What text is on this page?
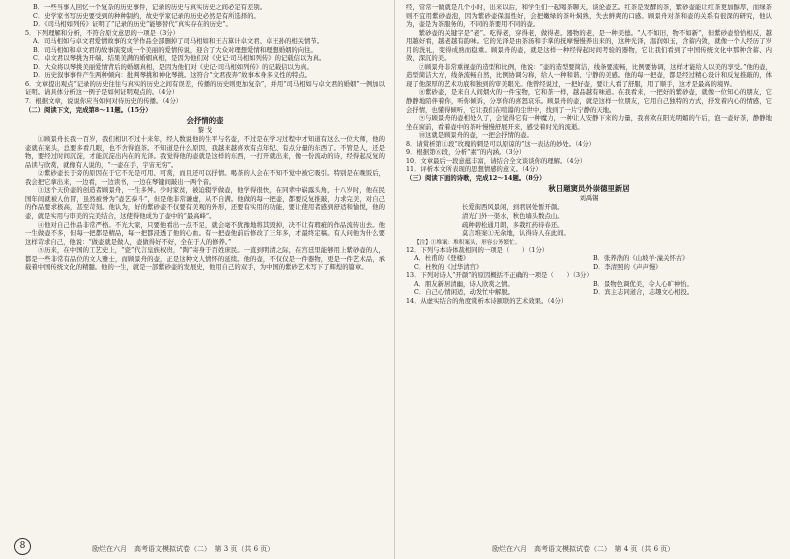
B．一些当事人回忆一个复杂的历史事件，记录的历史与真实历史之间必定有差别。
C．史学家书写历史要受到的种种制约，故史学家记录的历史必然是有所选择的。
D．《司马相如列传》证明了“记录的历史”能够替代“真实存在的历史”。
5．下列理解和分析，不符合原文意思的一项是（3分）
A．司马相如与卓文君爱情故事的文学作品全部删掉了司马相如和王吉算计卓文君、卓王孙的相关情节。
B．司马相如和卓文君的故事演变成一个美丽的爱情传说，迎合了大众对理想爱情和理想婚姻的向往。
C．卓文君以琴挑为开端、结果美满的婚姻真相，是因为他们对《史记·司马相如列传》的记载信以为真。
D．大众将以琴挑美丽爱情背后的婚姻真相，是因为他们对《史记·司马相如列传》的记载信以为真。
D．历史叙事事件产生两种倾向：批判琴挑和神化琴挑。这符合“文君夜奔”故事本身多义性的特点。
6．文章提出观点“记录的历史往往与真实的历史之间有误差，传播的历史则更加复杂”，并用“司马相如与卓文君的婚姻”一例加以证明。请具体分析这一例子是如何证明观点的。（4分）
7．根据文章，说说你应当如何对待历史的传播。（4分）
（二）阅读下文，完成第8～11题。（15分）
会抒情的壶
黎 戈
①顾景舟长我一百岁，我们相识不过十来年，经人数说他的生平与名壶，不过是在学习过程中才知道有这么一位大师，他的壶就在案头，总要多看几眼，也不舍得泡茶。不知道是什么原因，我越来越喜欢有点年纪、有点分量的东西了。不管是人，还是物，要经过时间沉淀，才能沉淀出内在的光泽。我觉得他的壶就是这样的东西，一打开就出来，像一份流动的诗，经得起反复的品读与欣赏，就像有人说的，“一壶在手，宇宙无穷”。
②紫砂壶长于旁的原因在于它不光是可用、可赏，而且还可以抒情。喝茶的人会在不知不觉中被它吸引。特别是在晚饭后，我会把它拿出来，一边看，一边读书，一边在琴键间敲出一两个音。
③这个天价壶的创造者顾景舟，一生多舛。少时家贫，被迫辍学做壶，他学得很快，在同辈中崭露头角，十八岁时，他在民国年间就被人仿冒，虽然被誉为“壶艺泰斗”，但是他非常谦虚，从不自满。他做的每一把壶，都要反复推敲，力求完美，对自己的作品要求极高，甚至苛刻。他认为，好的紫砂壶不仅要有美观的外形，还要有实用的功能，要让使用者感到舒适和愉悦，他的壶，就是实用与审美的完美结合，这使得他成为了壶中的“最高峰”。
④他对自己作品非常严格。不光大家，只要他看出一点不足，就会毫不犹豫地将其毁掉，决不让有瑕疵的作品流传出去。他一生做壶不多，但每一把都是精品，每一把都浸透了他的心血。有一把壶他前后修改了三年多，才最终定稿。有人问他为什么要这样苛求自己，他说：“做壶就是做人，壶做得好不好，全在于人的修养。”
⑤历来，在中国的工艺史上，“瓷”代言皇族权贵，“陶”寄身于百姓庶民。一直到明清之际，在宫廷里能够用上紫砂壶的人，都是一些非常有品位的文人雅士，而顾景舟的壶，正是这种文人情怀的延续。他的壶，不仅仅是一件器物，更是一件艺术品，承载着中国传统文化的精髓。他的一生，就是一部紫砂壶的发展史，他用自己的双手，为中国的紫砂艺术写下了辉煌的篇章。
经，常常一做就是几个小时，出来以后，和学生们一起喝茶聊天，谈论壶艺。红茶是发酵的茶，紫砂壶能让红茶更加醇厚，而绿茶则不宜用紫砂壶泡，因为紫砂壶保温性好，会把嫩绿的茶叶焖熟，失去鲜爽的口感。顾景舟对茶和壶的关系有很深的研究，他认为，壶是为茶服务的，不同的茶要用不同的壶。
紫砂壶的关键字是“老”。吃得老，穿得老，做得老。器物的老，是一种美德。“人不如旧，物不如新”，但紫砂壶恰恰相反，越用越好看，越老越有韵味。它的光泽是由茶汤和手掌的抚摩慢慢养出来的，这种光泽，温润如玉，含蓄内敛，就像一个人经历了岁月的洗礼，变得成熟而稳重。顾景舟的壶，就是这样一种经得起时间考验的器物，它让我们看到了中国传统文化中那种含蓄、内敛、深沉的美。
⑦顾景舟非常重视壶的造型和比例，他说：“壶的造型要简洁，线条要流畅，比例要协调，这样才能给人以美的享受。”他的壶，造型简洁大方，线条流畅自然，比例协调匀称，给人一种和谐、宁静的美感。他的每一把壶，都是经过精心设计和反复推敲的，体现了他深厚的艺术功底和独到的审美眼光。他曾经说过，一把好壶，要让人看了舒服，用了顺手，这才是最高的境界。
⑧紫砂壶，是来自人间烟火的一件宝物，它和茶一样，越品越有味道。在我看来，一把好的紫砂壶，就像一位知心的朋友，它静静地陪伴着你，听你倾诉，分享你的喜怒哀乐。顾景舟的壶，就是这样一位朋友，它用自己独特的方式，抒发着内心的情感，它会抒情，也懂得倾听，它让我们在喧嚣的尘世中，找到了一片宁静的天地。
⑨与顾景舟的壶相处久了，会觉得它有一种魔力，一种让人安静下来的力量，我喜欢在阳光明媚的午后，泡一壶好茶，静静地坐在窗前，看着壶中的茶叶慢慢舒展开来，感受着时光的流逝。
⑩这就是顾景舟的壶，一把会抒情的壶。
8．请赏析第①段“玫瑰的刺是可以原谅的”这一表达的妙处。（4分）
9．根据第⑥段，分析“素”的内涵。（3分）
10．文章最后一段意蕴丰富，请结合全文谈谈你的理解。（4分）
11．评析本文所表现的思想情感的意义。（4分）
（三）阅读下面的诗歌，完成12～14题。（8分）
秋日题窦员外崇德里新居
刘禹锡
长爱街西风景闲，到君居处暂开颜。
清光门外一渠水，秋色墙头数点山。
疏种碧松通月朗，多栽红药待春还。
莫言堆案①无余地，认得诗人在此间。
【注】①堆案：堆积案头，形容公务繁忙。
12．下列与本诗体裁相同的一项是（　　）（1分）
A．杜甫的《登楼》	B．张养浩的《山坡羊·潼关怀古》
C．杜牧的《过华清宫》	D．李清照的《声声慢》
13．下列对诗人“开颜”的原因概括不正确的一项是（　　）（3分）
A．朋友新居清幽，诗人欣赏之情。	B．景物色调优美，令人心旷神怡。
C．自己心情闲适，动发忙中解脱。	D．宾主志同道合，志趣文心相投。
14．从虚实结合的角度赏析本诗颔联的艺术效果。（4分）
8	励烂在六月　高考语文模拟试卷（二）　第 3 页（共 6 页）	励烂在六月　高考语文模拟试卷（二）　第 4 页（共 6 页）
